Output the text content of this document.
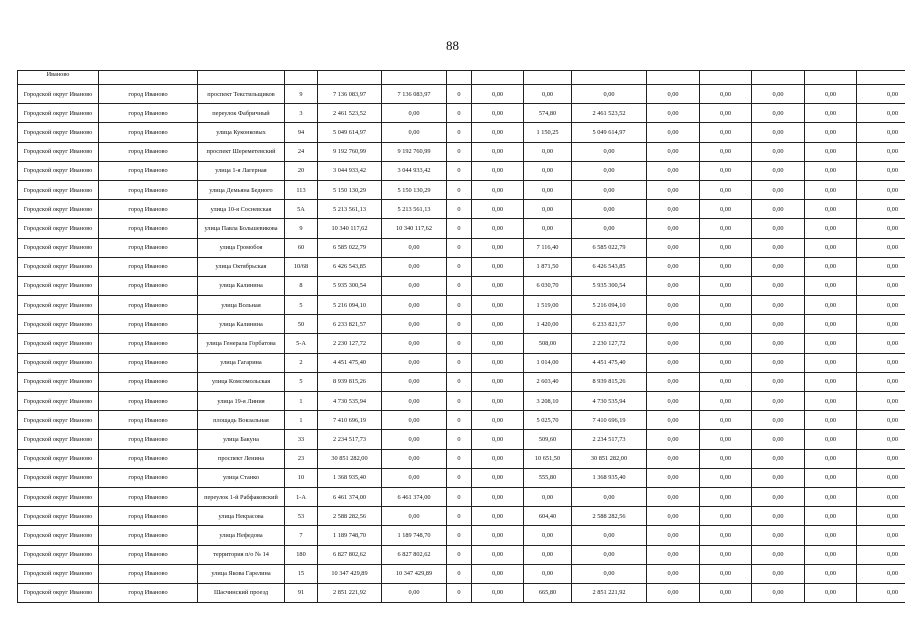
88
Иваново														
Городской округ Иваново	город Иваново	проспект Текстильщиков	9	7 136 083,97	7 136 083,97	0	0,00	0,00	0,00	0,00	0,00	0,00	0,00	0,00
Городской округ Иваново	город Иваново	переулок Фабричный	3	2 461 523,52	0,00	0	0,00	574,80	2 461 523,52	0,00	0,00	0,00	0,00	0,00
Городской округ Иваново	город Иваново	улица Куконковых	94	5 049 614,97	0,00	0	0,00	1 150,25	5 049 614,97	0,00	0,00	0,00	0,00	0,00
Городской округ Иваново	город Иваново	проспект Шереметевский	24	9 192 760,99	9 192 760,99	0	0,00	0,00	0,00	0,00	0,00	0,00	0,00	0,00
Городской округ Иваново	город Иваново	улица 1-я Лагерная	20	3 044 933,42	3 044 933,42	0	0,00	0,00	0,00	0,00	0,00	0,00	0,00	0,00
Городской округ Иваново	город Иваново	улица Демьяна Бедного	113	5 150 130,29	5 150 130,29	0	0,00	0,00	0,00	0,00	0,00	0,00	0,00	0,00
Городской округ Иваново	город Иваново	улица 10-я Сосневская	5А	5 213 561,13	5 213 561,13	0	0,00	0,00	0,00	0,00	0,00	0,00	0,00	0,00
Городской округ Иваново	город Иваново	улица Павла Большевикова	9	10 340 117,62	10 340 117,62	0	0,00	0,00	0,00	0,00	0,00	0,00	0,00	0,00
Городской округ Иваново	город Иваново	улица Громобоя	60	6 585 022,79	0,00	0	0,00	7 116,40	6 585 022,79	0,00	0,00	0,00	0,00	0,00
Городской округ Иваново	город Иваново	улица Октябрьская	10/68	6 426 543,85	0,00	0	0,00	1 871,50	6 426 543,85	0,00	0,00	0,00	0,00	0,00
Городской округ Иваново	город Иваново	улица Калинина	8	5 935 300,54	0,00	0	0,00	6 030,70	5 935 300,54	0,00	0,00	0,00	0,00	0,00
Городской округ Иваново	город Иваново	улица Вольная	5	5 216 094,10	0,00	0	0,00	1 519,00	5 216 094,10	0,00	0,00	0,00	0,00	0,00
Городской округ Иваново	город Иваново	улица Калинина	50	6 233 821,57	0,00	0	0,00	1 420,00	6 233 821,57	0,00	0,00	0,00	0,00	0,00
Городской округ Иваново	город Иваново	улица Генерала Горбатова	5-А	2 230 127,72	0,00	0	0,00	508,00	2 230 127,72	0,00	0,00	0,00	0,00	0,00
Городской округ Иваново	город Иваново	улица Гагарина	2	4 451 475,40	0,00	0	0,00	1 014,00	4 451 475,40	0,00	0,00	0,00	0,00	0,00
Городской округ Иваново	город Иваново	улица Комсомольская	5	8 939 815,26	0,00	0	0,00	2 603,40	8 939 815,26	0,00	0,00	0,00	0,00	0,00
Городской округ Иваново	город Иваново	улица 19-я Линия	1	4 730 535,94	0,00	0	0,00	3 208,10	4 730 535,94	0,00	0,00	0,00	0,00	0,00
Городской округ Иваново	город Иваново	площадь Вокзальная	1	7 410 696,19	0,00	0	0,00	5 025,70	7 410 696,19	0,00	0,00	0,00	0,00	0,00
Городской округ Иваново	город Иваново	улица Бакуна	33	2 234 517,73	0,00	0	0,00	509,60	2 234 517,73	0,00	0,00	0,00	0,00	0,00
Городской округ Иваново	город Иваново	проспект Ленина	23	30 851 282,00	0,00	0	0,00	10 651,50	30 851 282,00	0,00	0,00	0,00	0,00	0,00
Городской округ Иваново	город Иваново	улица Станко	10	1 368 935,40	0,00	0	0,00	555,80	1 368 935,40	0,00	0,00	0,00	0,00	0,00
Городской округ Иваново	город Иваново	переулок 1-й Рабфаковский	1-А	6 461 374,00	6 461 374,00	0	0,00	0,00	0,00	0,00	0,00	0,00	0,00	0,00
Городской округ Иваново	город Иваново	улица Некрасова	53	2 588 282,56	0,00	0	0,00	604,40	2 588 282,56	0,00	0,00	0,00	0,00	0,00
Городской округ Иваново	город Иваново	улица Нефедова	7	1 189 748,70	1 189 748,70	0	0,00	0,00	0,00	0,00	0,00	0,00	0,00	0,00
Городской округ Иваново	город Иваново	территория п/о № 14	180	6 827 802,62	6 827 802,62	0	0,00	0,00	0,00	0,00	0,00	0,00	0,00	0,00
Городской округ Иваново	город Иваново	улица Якова Гарелина	15	10 347 429,89	10 347 429,89	0	0,00	0,00	0,00	0,00	0,00	0,00	0,00	0,00
Городской округ Иваново	город Иваново	Шасчинский проезд	91	2 851 221,92	0,00	0	0,00	665,80	2 851 221,92	0,00	0,00	0,00	0,00	0,00
